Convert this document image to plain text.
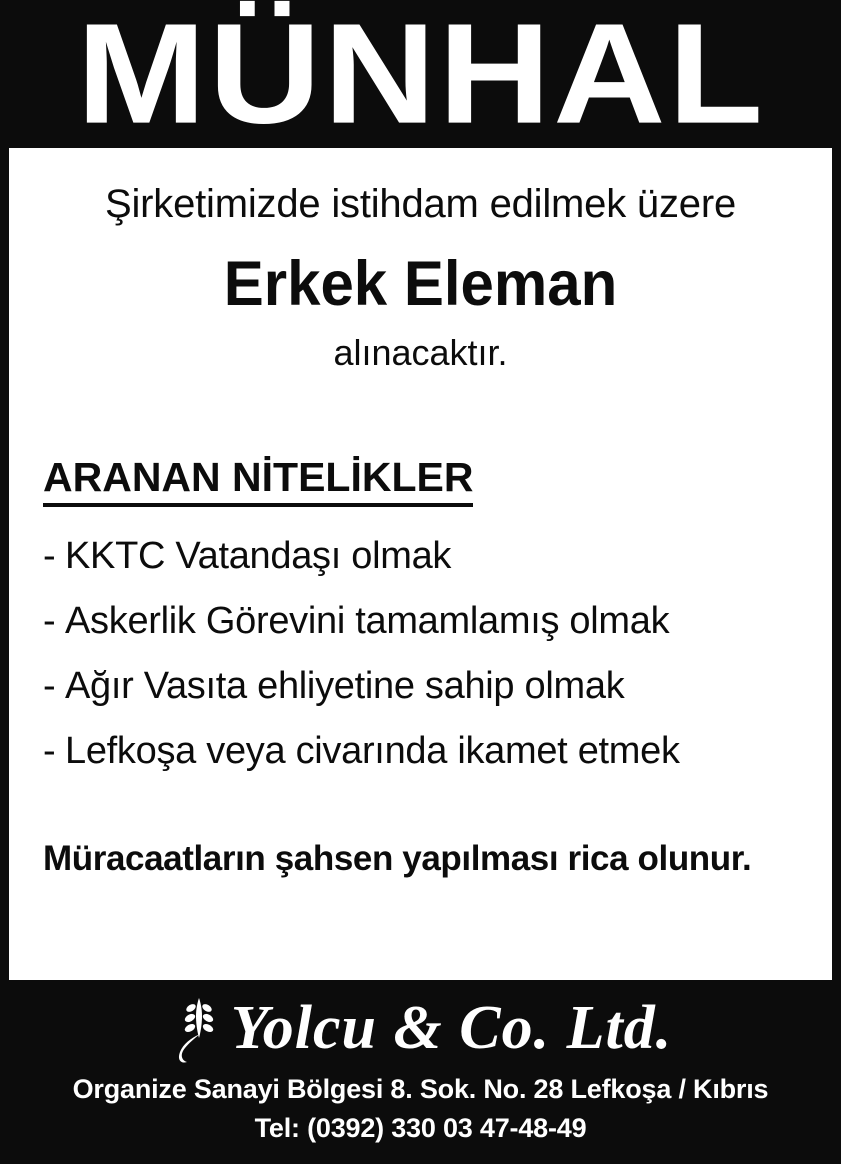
MÜNHAL
Şirketimizde istihdam edilmek üzere
Erkek Eleman
alınacaktır.
ARANAN NİTELİKLER
- KKTC Vatandaşı olmak
- Askerlik Görevini tamamlamış olmak
- Ağır Vasıta ehliyetine sahip olmak
- Lefkoşa veya civarında ikamet etmek
Müracaatların şahsen yapılması rica olunur.
Yolcu & Co. Ltd.
Organize Sanayi Bölgesi 8. Sok. No. 28 Lefkoşa / Kıbrıs
Tel: (0392) 330 03 47-48-49
